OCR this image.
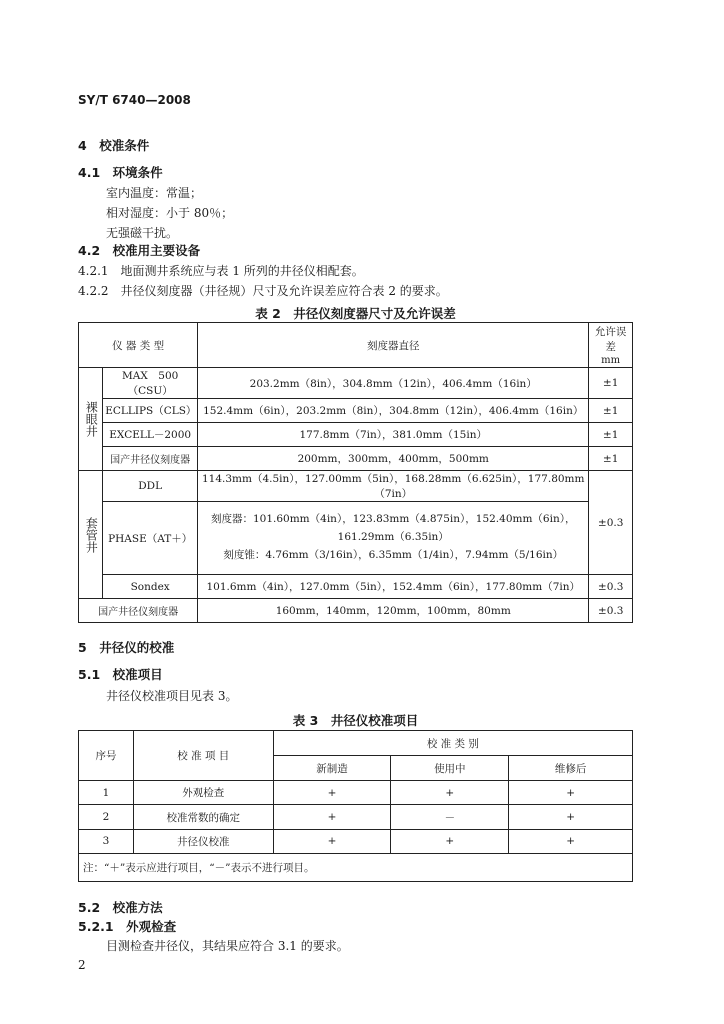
SY/T 6740—2008
4　校准条件
4.1　环境条件
室内温度：常温；
相对湿度：小于 80％；
无强磁干扰。
4.2　校准用主要设备
4.2.1　地面测井系统应与表 1 所列的井径仪相配套。
4.2.2　井径仪刻度器（井径规）尺寸及允许误差应符合表 2 的要求。
表 2　井径仪刻度器尺寸及允许误差
仪 器 类 型		刻度器直径	允许误差
mm
裸眼井	MAX　500（CSU）	203.2mm（8in），304.8mm（12in），406.4mm（16in）	±1
	ECLLIPS（CLS）	152.4mm（6in），203.2mm（8in），304.8mm（12in），406.4mm（16in）	±1
	EXCELL－2000	177.8mm（7in），381.0mm（15in）	±1
	国产井径仪刻度器	200mm，300mm，400mm，500mm	±1
套管井	DDL	114.3mm（4.5in），127.00mm（5in），168.28mm（6.625in），177.80mm（7in）	±0.3
	PHASE（AT＋）	刻度器：101.60mm（4in），123.83mm（4.875in），152.40mm（6in），161.29mm（6.35in）
刻度锥：4.76mm（3/16in），6.35mm（1/4in），7.94mm（5/16in）	
	Sondex	101.6mm（4in），127.0mm（5in），152.4mm（6in），177.80mm（7in）	±0.3
国产井径仪刻度器		160mm，140mm，120mm，100mm，80mm	±0.3
5　井径仪的校准
5.1　校准项目
井径仪校准项目见表 3。
表 3　井径仪校准项目
序号	校 准 项 目	校 准 类 别		
		新制造	使用中	维修后
1	外观检查	+	+	+
2	校准常数的确定	+	－	+
3	井径仪校准	+	+	+
注：“＋”表示应进行项目，“－”表示不进行项目。				
5.2　校准方法
5.2.1　外观检查
目测检查井径仪，其结果应符合 3.1 的要求。
2
